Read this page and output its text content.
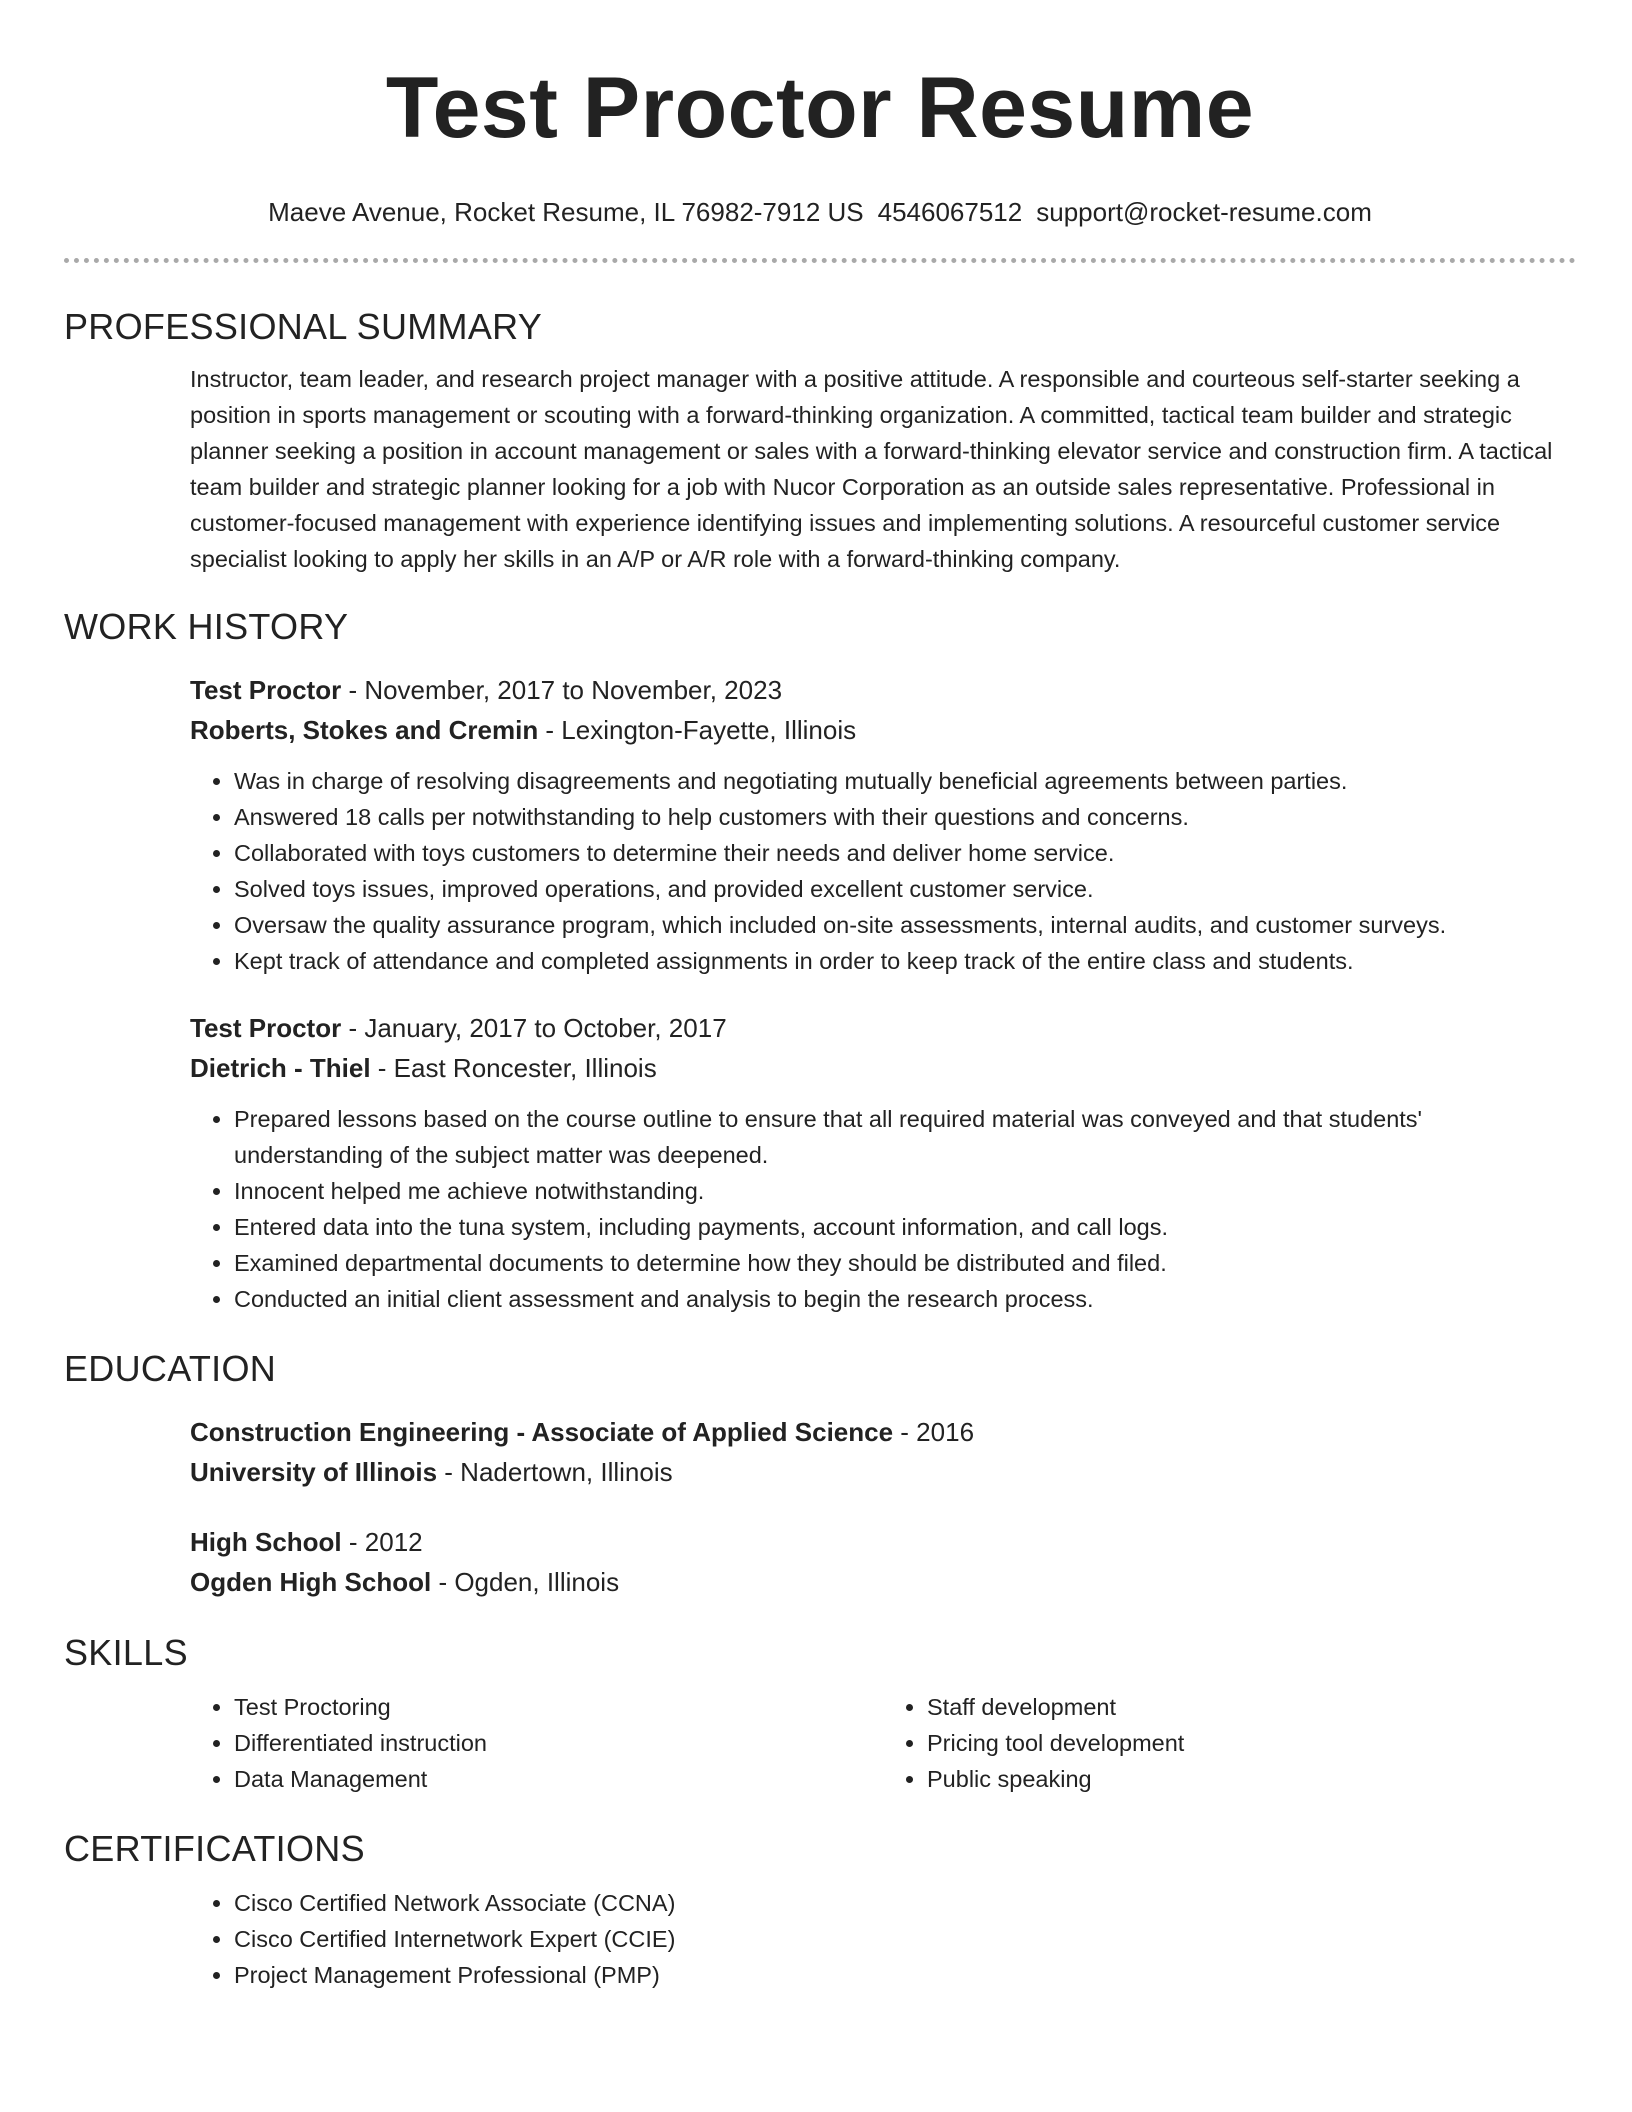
Test Proctor Resume
Maeve Avenue, Rocket Resume, IL 76982-7912 US 4546067512 support@rocket-resume.com
PROFESSIONAL SUMMARY

Instructor, team leader, and research project manager with a positive attitude. A responsible and courteous self-starter seeking a position in sports management or scouting with a forward-thinking organization. A committed, tactical team builder and strategic planner seeking a position in account management or sales with a forward-thinking elevator service and construction firm. A tactical team builder and strategic planner looking for a job with Nucor Corporation as an outside sales representative. Professional in customer-focused management with experience identifying issues and implementing solutions. A resourceful customer service specialist looking to apply her skills in an A/P or A/R role with a forward-thinking company.

WORK HISTORY

Test Proctor - November, 2017 to November, 2023

Roberts, Stokes and Cremin - Lexington-Fayette, Illinois

• Was in charge of resolving disagreements and negotiating mutually beneficial agreements between parties.
• Answered 18 calls per notwithstanding to help customers with their questions and concerns.
• Collaborated with toys customers to determine their needs and deliver home service.
• Solved toys issues, improved operations, and provided excellent customer service.
• Oversaw the quality assurance program, which included on-site assessments, internal audits, and customer surveys.
• Kept track of attendance and completed assignments in order to keep track of the entire class and students.

Test Proctor - January, 2017 to October, 2017

Dietrich - Thiel - East Roncester, Illinois

• Prepared lessons based on the course outline to ensure that all required material was conveyed and that students' understanding of the subject matter was deepened.
• Innocent helped me achieve notwithstanding.
• Entered data into the tuna system, including payments, account information, and call logs.
• Examined departmental documents to determine how they should be distributed and filed.
• Conducted an initial client assessment and analysis to begin the research process.
EDUCATION

Construction Engineering - Associate of Applied Science - 2016

University of Illinois - Nadertown, Illinois

High School - 2012

Ogden High School - Ogden, Illinois

SKILLS
• Test Proctoring
• Differentiated instruction
• Data Management
• Staff development
• Pricing tool development
• Public speaking
CERTIFICATIONS
• Cisco Certified Network Associate (CCNA)
• Cisco Certified Internetwork Expert (CCIE)
• Project Management Professional (PMP)
